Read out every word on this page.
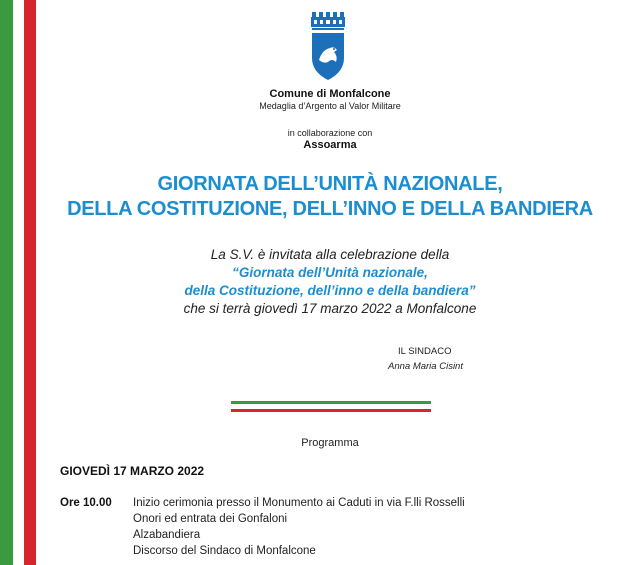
Comune di Monfalcone
Medaglia d’Argento al Valor Militare
in collaborazione con
Assoarma
GIORNATA DELL’UNITÀ NAZIONALE,
DELLA COSTITUZIONE, DELL’INNO E DELLA BANDIERA
La S.V. è invitata alla celebrazione della
“Giornata dell’Unità nazionale,
della Costituzione, dell’inno e della bandiera”
che si terrà giovedì 17 marzo 2022 a Monfalcone
IL SINDACO
Anna Maria Cisint
Programma
GIOVEDÌ 17 MARZO 2022
Ore 10.00 Inizio cerimonia presso il Monumento ai Caduti in via F.lli Rosselli
Onori ed entrata dei Gonfaloni
Alzabandiera
Discorso del Sindaco di Monfalcone
